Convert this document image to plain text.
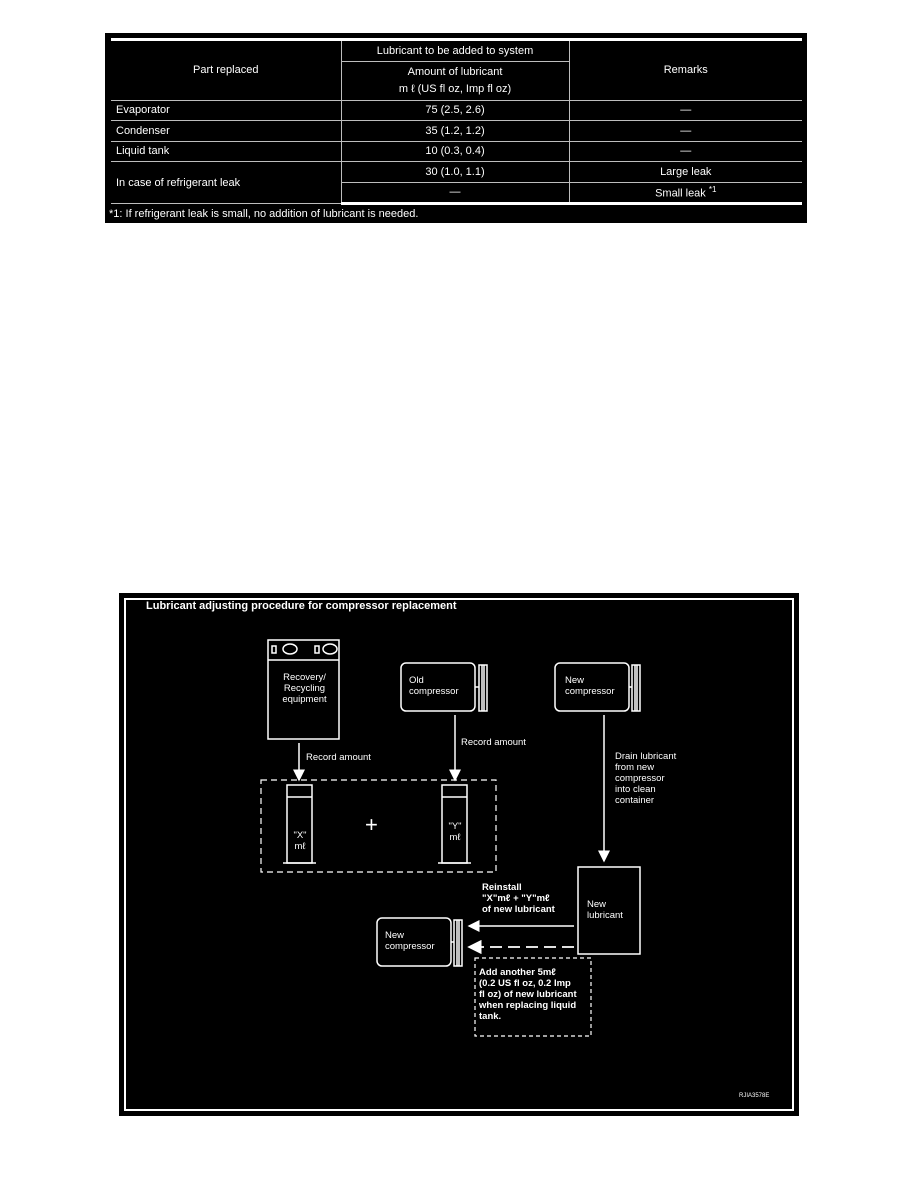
Part replaced	Lubricant to be added to system	Remarks

	Amount of lubricant
m ℓ (US fl oz, Imp fl oz)	

Evaporator	75 (2.5, 2.6)	—
Condenser	35 (1.2, 1.2)	—
Liquid tank	10 (0.3, 0.4)	—
In case of refrigerant leak	30 (1.0, 1.1)	Large leak
	—	Small leak $^{*1}$
*1: If refrigerant leak is small, no addition of lubricant is needed.
Lubricant adjusting procedure for compressor replacement
Recovery/
Recycling
equipment
Old
compressor
New
compressor
Record amount
Record amount
Drain lubricant
from new
compressor
into clean
container
"X"
mℓ
"Y"
mℓ
+
New
lubricant
Reinstall
"X"mℓ + "Y"mℓ
of new lubricant
New
compressor
Add another 5mℓ
(0.2 US fl oz, 0.2 Imp
fl oz) of new lubricant
when replacing liquid
tank.
RJIA3578E
